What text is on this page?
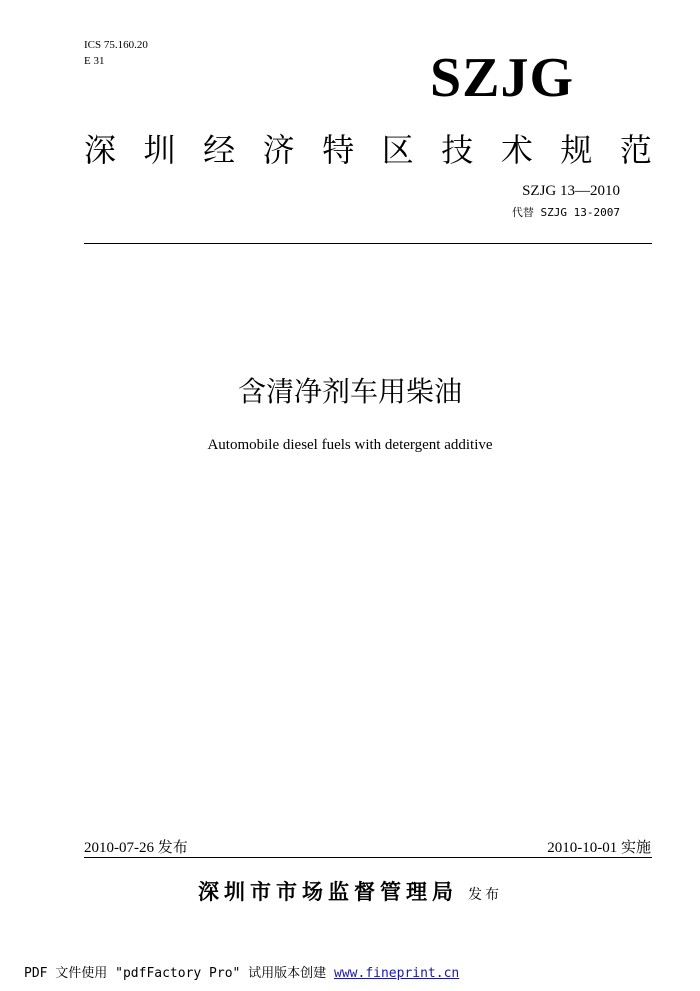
ICS 75.160.20
E 31	SZJG
深 圳 经 济 特 区 技 术 规 范
SZJG 13—2010
代替 SZJG 13-2007
含清净剂车用柴油
Automobile diesel fuels with detergent additive
2010-07-26 发布	2010-10-01 实施
深圳市市场监督管理局 发布
PDF 文件使用 "pdfFactory Pro" 试用版本创建 www.fineprint.cn
